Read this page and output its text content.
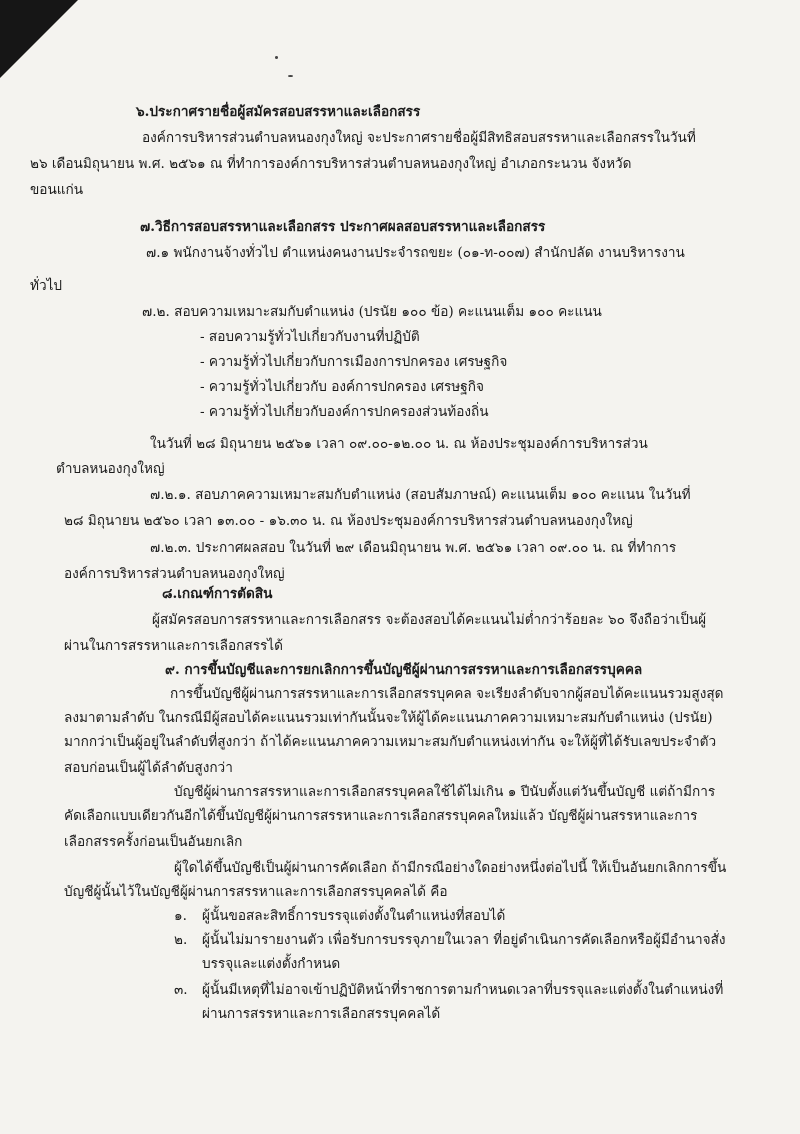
๖.ประกาศรายชื่อผู้สมัครสอบสรรหาและเลือกสรร
องค์การบริหารส่วนตำบลหนองกุงใหญ่ จะประกาศรายชื่อผู้มีสิทธิสอบสรรหาและเลือกสรรในวันที่
๒๖ เดือนมิถุนายน พ.ศ. ๒๕๖๑ ณ ที่ทำการองค์การบริหารส่วนตำบลหนองกุงใหญ่ อำเภอกระนวน จังหวัด
ขอนแก่น
๗.วิธีการสอบสรรหาและเลือกสรร ประกาศผลสอบสรรหาและเลือกสรร
๗.๑ พนักงานจ้างทั่วไป ตำแหน่งคนงานประจำรถขยะ (๐๑-ท-๐๐๗) สำนักปลัด งานบริหารงาน
ทั่วไป
๗.๒. สอบความเหมาะสมกับตำแหน่ง (ปรนัย ๑๐๐ ข้อ) คะแนนเต็ม ๑๐๐ คะแนน
- สอบความรู้ทั่วไปเกี่ยวกับงานที่ปฏิบัติ
- ความรู้ทั่วไปเกี่ยวกับการเมืองการปกครอง เศรษฐกิจ
- ความรู้ทั่วไปเกี่ยวกับ องค์การปกครอง เศรษฐกิจ
- ความรู้ทั่วไปเกี่ยวกับองค์การปกครองส่วนท้องถิ่น
ในวันที่ ๒๘ มิถุนายน ๒๕๖๑ เวลา ๐๙.๐๐-๑๒.๐๐ น. ณ ห้องประชุมองค์การบริหารส่วน
ตำบลหนองกุงใหญ่
๗.๒.๑. สอบภาคความเหมาะสมกับตำแหน่ง (สอบสัมภาษณ์) คะแนนเต็ม ๑๐๐ คะแนน ในวันที่
๒๘ มิถุนายน ๒๕๖๐ เวลา ๑๓.๐๐ - ๑๖.๓๐ น. ณ ห้องประชุมองค์การบริหารส่วนตำบลหนองกุงใหญ่
๗.๒.๓. ประกาศผลสอบ ในวันที่ ๒๙ เดือนมิถุนายน พ.ศ. ๒๕๖๑ เวลา ๐๙.๐๐ น. ณ ที่ทำการ
องค์การบริหารส่วนตำบลหนองกุงใหญ่
๘.เกณฑ์การตัดสิน
ผู้สมัครสอบการสรรหาและการเลือกสรร จะต้องสอบได้คะแนนไม่ต่ำกว่าร้อยละ ๖๐ จึงถือว่าเป็นผู้
ผ่านในการสรรหาและการเลือกสรรได้
๙. การขึ้นบัญชีและการยกเลิกการขึ้นบัญชีผู้ผ่านการสรรหาและการเลือกสรรบุคคล
การขึ้นบัญชีผู้ผ่านการสรรหาและการเลือกสรรบุคคล จะเรียงลำดับจากผู้สอบได้คะแนนรวมสูงสุด
ลงมาตามลำดับ ในกรณีมีผู้สอบได้คะแนนรวมเท่ากันนั้นจะให้ผู้ได้คะแนนภาคความเหมาะสมกับตำแหน่ง (ปรนัย)
มากกว่าเป็นผู้อยู่ในลำดับที่สูงกว่า ถ้าได้คะแนนภาคความเหมาะสมกับตำแหน่งเท่ากัน จะให้ผู้ที่ได้รับเลขประจำตัว
สอบก่อนเป็นผู้ได้ลำดับสูงกว่า
บัญชีผู้ผ่านการสรรหาและการเลือกสรรบุคคลใช้ได้ไม่เกิน ๑ ปีนับตั้งแต่วันขึ้นบัญชี แต่ถ้ามีการ
คัดเลือกแบบเดียวกันอีกได้ขึ้นบัญชีผู้ผ่านการสรรหาและการเลือกสรรบุคคลใหม่แล้ว บัญชีผู้ผ่านสรรหาและการ
เลือกสรรครั้งก่อนเป็นอันยกเลิก
ผู้ใดได้ขึ้นบัญชีเป็นผู้ผ่านการคัดเลือก ถ้ามีกรณีอย่างใดอย่างหนึ่งต่อไปนี้ ให้เป็นอันยกเลิกการขึ้น
บัญชีผู้นั้นไว้ในบัญชีผู้ผ่านการสรรหาและการเลือกสรรบุคคลได้ คือ
๑. ผู้นั้นขอสละสิทธิ์การบรรจุแต่งตั้งในตำแหน่งที่สอบได้
๒. ผู้นั้นไม่มารายงานตัว เพื่อรับการบรรจุภายในเวลา ที่อยู่ดำเนินการคัดเลือกหรือผู้มีอำนาจสั่ง
บรรจุและแต่งตั้งกำหนด
๓. ผู้นั้นมีเหตุที่ไม่อาจเข้าปฏิบัติหน้าที่ราชการตามกำหนดเวลาที่บรรจุและแต่งตั้งในตำแหน่งที่
ผ่านการสรรหาและการเลือกสรรบุคคลได้
